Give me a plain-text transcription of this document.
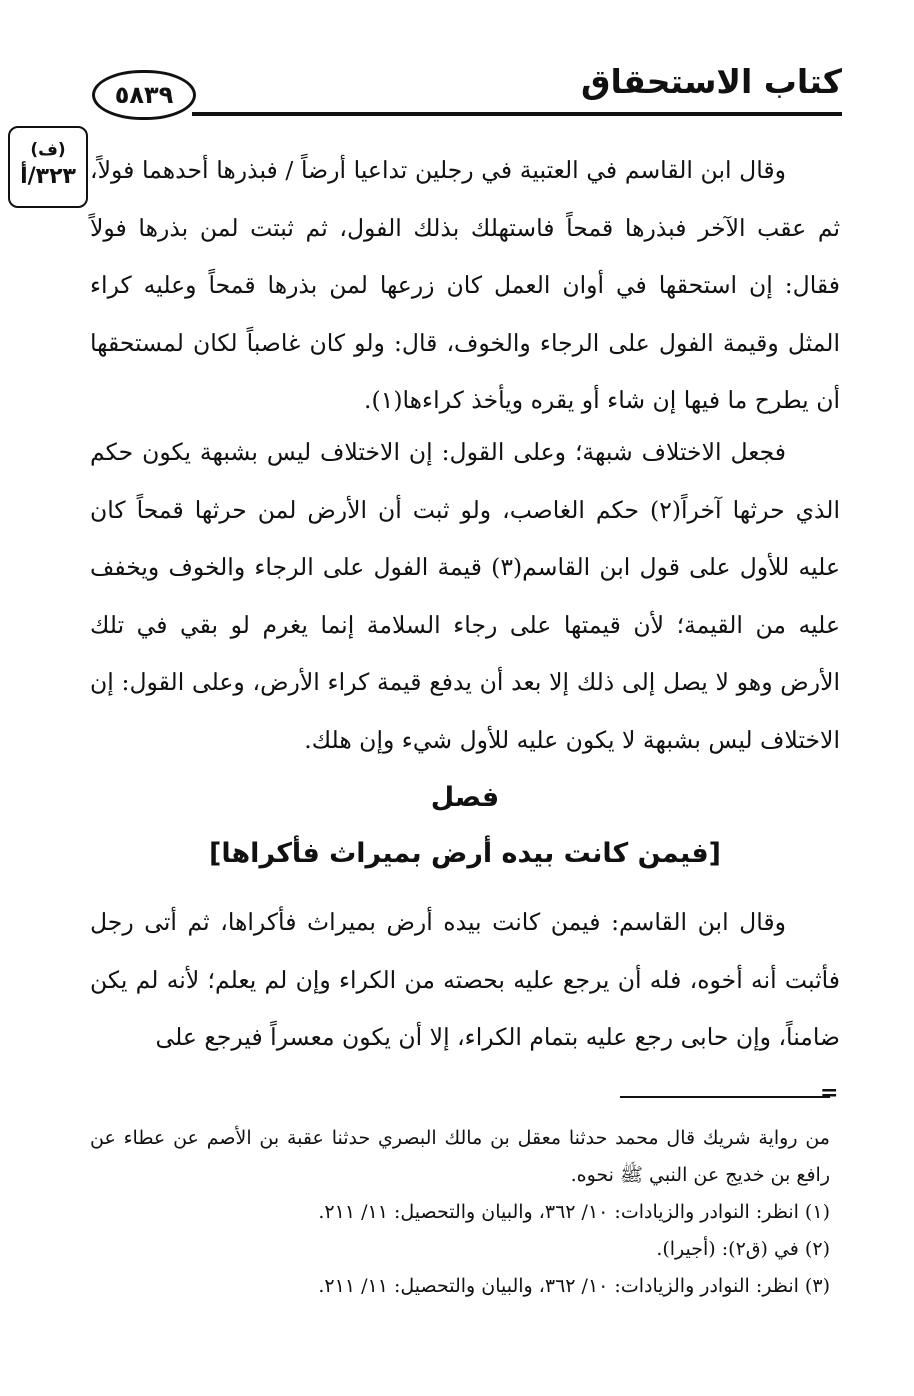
٥٨٣٩	كتاب الاستحقاق
(ف)
٣٢٣/أ وقال ابن القاسم في العتبية في رجلين تداعيا أرضاً / فبذرها أحدهما فولاً، ثم عقب الآخر فبذرها قمحاً فاستهلك بذلك الفول، ثم ثبتت لمن بذرها فولاً فقال: إن استحقها في أوان العمل كان زرعها لمن بذرها قمحاً وعليه كراء المثل وقيمة الفول على الرجاء والخوف، قال: ولو كان غاصباً لكان لمستحقها أن يطرح ما فيها إن شاء أو يقره ويأخذ كراءها(١).

فجعل الاختلاف شبهة؛ وعلى القول: إن الاختلاف ليس بشبهة يكون حكم الذي حرثها آخراً(٢) حكم الغاصب، ولو ثبت أن الأرض لمن حرثها قمحاً كان عليه للأول على قول ابن القاسم(٣) قيمة الفول على الرجاء والخوف ويخفف عليه من القيمة؛ لأن قيمتها على رجاء السلامة إنما يغرم لو بقي في تلك الأرض وهو لا يصل إلى ذلك إلا بعد أن يدفع قيمة كراء الأرض، وعلى القول: إن الاختلاف ليس بشبهة لا يكون عليه للأول شيء وإن هلك.

فصل
[فيمن كانت بيده أرض بميراث فأكراها]

وقال ابن القاسم: فيمن كانت بيده أرض بميراث فأكراها، ثم أتى رجل فأثبت أنه أخوه، فله أن يرجع عليه بحصته من الكراء وإن لم يعلم؛ لأنه لم يكن ضامناً، وإن حابى رجع عليه بتمام الكراء، إلا أن يكون معسراً فيرجع على

=

من رواية شريك قال محمد حدثنا معقل بن مالك البصري حدثنا عقبة بن الأصم عن عطاء عن رافع بن خديج عن النبي ﷺ نحوه.

(١) انظر: النوادر والزيادات: ١٠/ ٣٦٢، والبيان والتحصيل: ١١/ ٢١١.

(٢) في (ق٢): (أجيرا).

(٣) انظر: النوادر والزيادات: ١٠/ ٣٦٢، والبيان والتحصيل: ١١/ ٢١١.
